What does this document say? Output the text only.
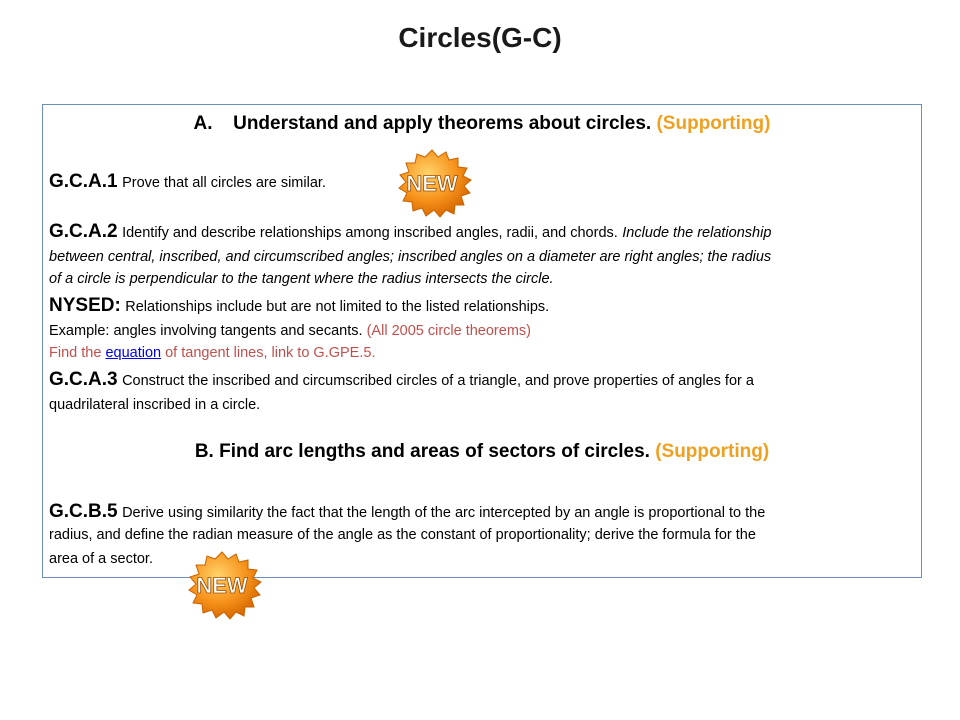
Circles(G-C)
A. Understand and apply theorems about circles. (Supporting)
G.C.A.1 Prove that all circles are similar.
G.C.A.2 Identify and describe relationships among inscribed angles, radii, and chords. Include the relationship
between central, inscribed, and circumscribed angles; inscribed angles on a diameter are right angles; the radius
of a circle is perpendicular to the tangent where the radius intersects the circle.
NYSED: Relationships include but are not limited to the listed relationships.
Example: angles involving tangents and secants. (All 2005 circle theorems)
Find the equation of tangent lines, link to G.GPE.5.
G.C.A.3 Construct the inscribed and circumscribed circles of a triangle, and prove properties of angles for a
quadrilateral inscribed in a circle.
B. Find arc lengths and areas of sectors of circles. (Supporting)
G.C.B.5 Derive using similarity the fact that the length of the arc intercepted by an angle is proportional to the
radius, and define the radian measure of the angle as the constant of proportionality; derive the formula for the
area of a sector.
NEW
NEW
